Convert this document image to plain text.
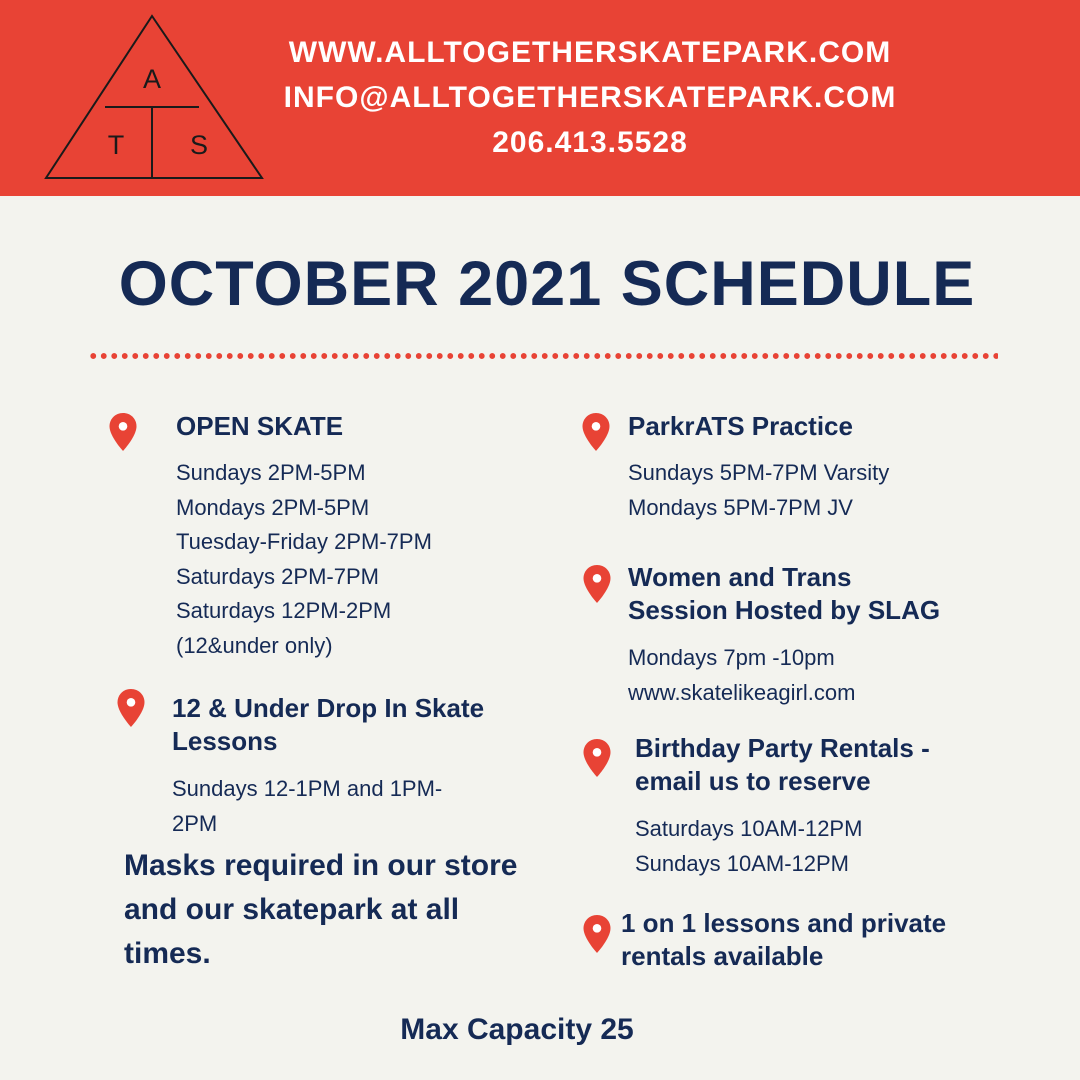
A
T S
WWW.ALLTOGETHERSKATEPARK.COM
INFO@ALLTOGETHERSKATEPARK.COM
206.413.5528
OCTOBER 2021 SCHEDULE
OPEN SKATE
Sundays 2PM-5PM
Mondays 2PM-5PM
Tuesday-Friday 2PM-7PM
Saturdays 2PM-7PM
Saturdays 12PM-2PM
(12&under only)
12 & Under Drop In Skate
Lessons
Sundays 12-1PM and 1PM-
2PM
ParkrATS Practice
Sundays 5PM-7PM Varsity
Mondays 5PM-7PM JV
Women and Trans
Session Hosted by SLAG
Mondays 7pm -10pm
www.skatelikeagirl.com
Birthday Party Rentals -
email us to reserve
Saturdays 10AM-12PM
Sundays 10AM-12PM
1 on 1 lessons and private
rentals available
Masks required in our store
and our skatepark at all
times.
Max Capacity 25
